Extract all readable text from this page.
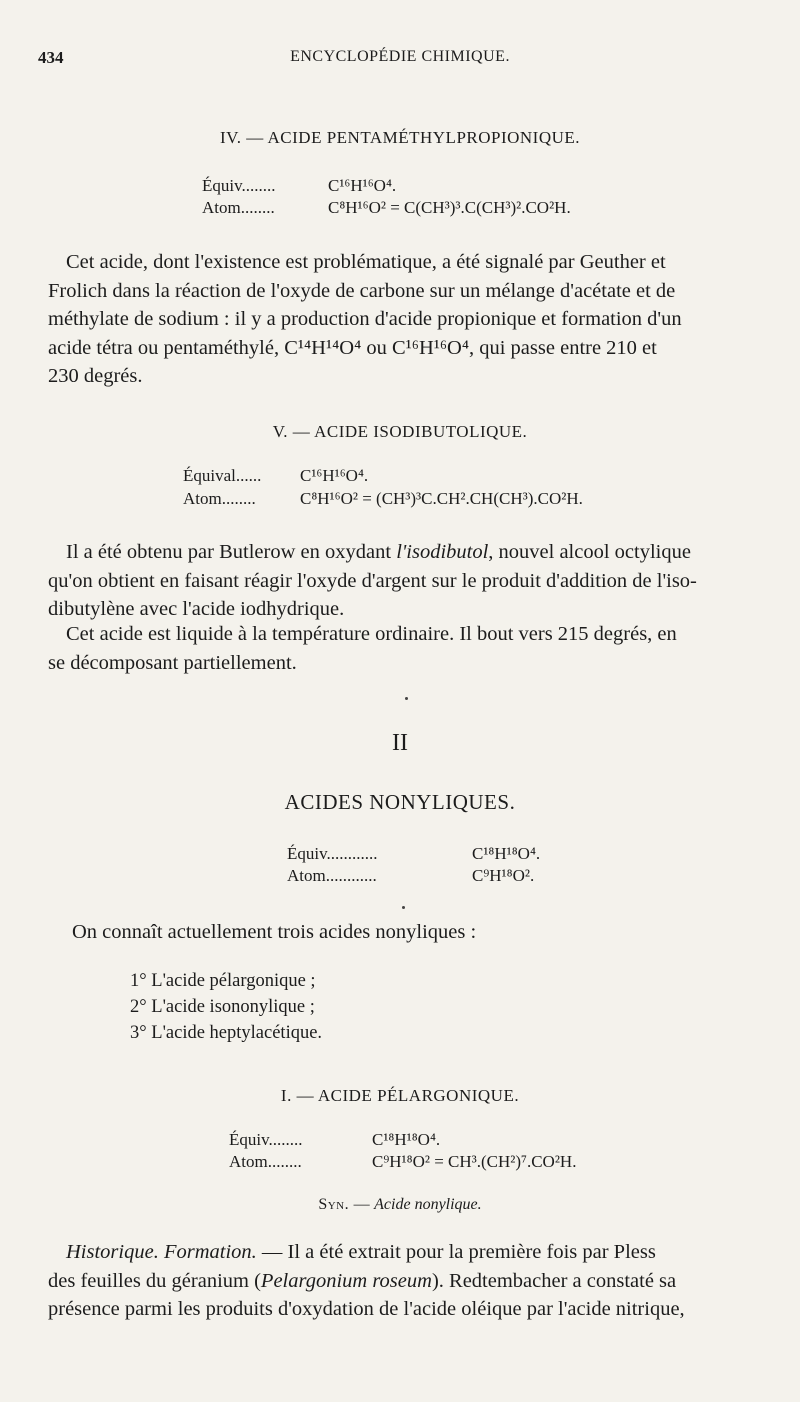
434	ENCYCLOPÉDIE CHIMIQUE.
IV. — ACIDE PENTAMÉTHYLPROPIONIQUE.
Équiv........	C¹⁶H¹⁶O⁴.
Atom........	C⁸H¹⁶O² = C(CH³)³.C(CH³)².CO²H.
Cet acide, dont l'existence est problématique, a été signalé par Geuther et
Frolich dans la réaction de l'oxyde de carbone sur un mélange d'acétate et de
méthylate de sodium : il y a production d'acide propionique et formation d'un
acide tétra ou pentaméthylé, C¹⁴H¹⁴O⁴ ou C¹⁶H¹⁶O⁴, qui passe entre 210 et
230 degrés.
V. — ACIDE ISODIBUTOLIQUE.
Équival...... C¹⁶H¹⁶O⁴.
Atom........	C⁸H¹⁶O² = (CH³)³C.CH².CH(CH³).CO²H.
Il a été obtenu par Butlerow en oxydant l'isodibutol, nouvel alcool octylique
qu'on obtient en faisant réagir l'oxyde d'argent sur le produit d'addition de l'iso-
dibutylène avec l'acide iodhydrique.
Cet acide est liquide à la température ordinaire. Il bout vers 215 degrés, en
se décomposant partiellement.
II
ACIDES NONYLIQUES.
Équiv............	C¹⁸H¹⁸O⁴.
Atom............	C⁹H¹⁸O².
On connaît actuellement trois acides nonyliques :
1° L'acide pélargonique ;
2° L'acide isononylique ;
3° L'acide heptylacétique.
I. — ACIDE PÉLARGONIQUE.
Équiv........	C¹⁸H¹⁸O⁴.
Atom........	C⁹H¹⁸O² = CH³.(CH²)⁷.CO²H.
Syn. — Acide nonylique.
Historique. Formation. — Il a été extrait pour la première fois par Pless
des feuilles du géranium (Pelargonium roseum). Redtembacher a constaté sa
présence parmi les produits d'oxydation de l'acide oléique par l'acide nitrique,
